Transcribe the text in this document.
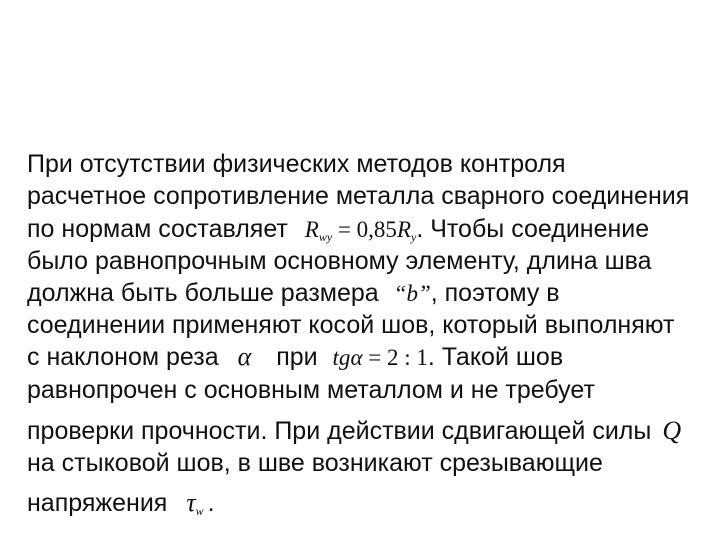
При отсутствии физических методов контроля
расчетное сопротивление металла сварного соединения
по нормам составляет $R_{wy} = 0,85R_y$. Чтобы соединение
было равнопрочным основному элементу, длина шва
должна быть больше размера “b”, поэтому в
соединении применяют косой шов, который выполняют
с наклоном реза α при tgα = 2 : 1. Такой шов
равнопрочен с основным металлом и не требует
проверки прочности. При действии сдвигающей силы Q
на стыковой шов, в шве возникают срезывающие
напряжения $\tau_w$ .
